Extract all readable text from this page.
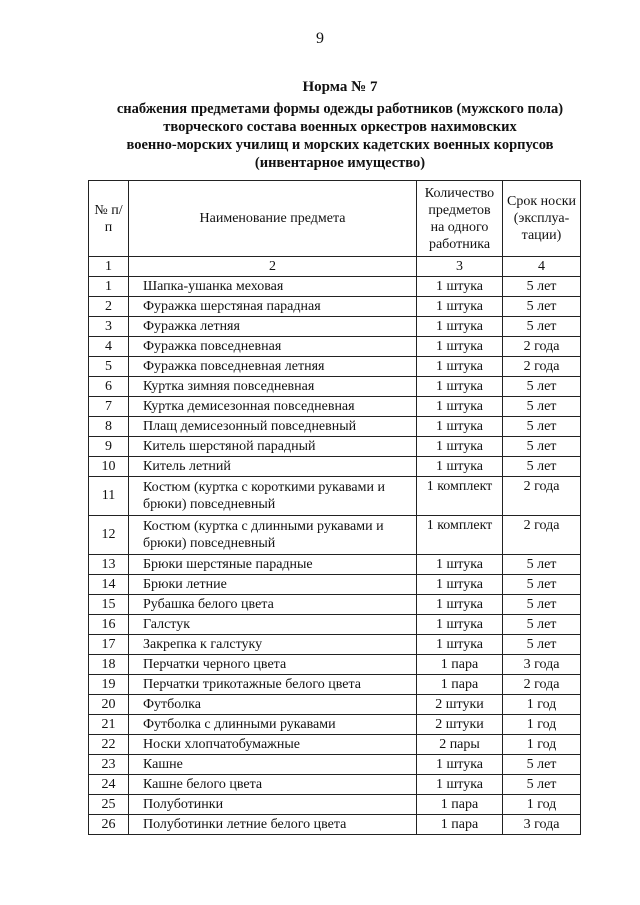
9
Норма № 7
снабжения предметами формы одежды работников (мужского пола)
творческого состава военных оркестров нахимовских
военно-морских училищ и морских кадетских военных корпусов
(инвентарное имущество)
№ п/п	Наименование предмета	Количество предметов на одного работника	Срок носки (эксплуа-тации)
1	2	3	4
1	Шапка-ушанка меховая	1 штука	5 лет
2	Фуражка шерстяная парадная	1 штука	5 лет
3	Фуражка летняя	1 штука	5 лет
4	Фуражка повседневная	1 штука	2 года
5	Фуражка повседневная летняя	1 штука	2 года
6	Куртка зимняя повседневная	1 штука	5 лет
7	Куртка демисезонная повседневная	1 штука	5 лет
8	Плащ демисезонный повседневный	1 штука	5 лет
9	Китель шерстяной парадный	1 штука	5 лет
10	Китель летний	1 штука	5 лет
11	Костюм (куртка с короткими рукавами и брюки) повседневный	1 комплект	2 года
12	Костюм (куртка с длинными рукавами и брюки) повседневный	1 комплект	2 года
13	Брюки шерстяные парадные	1 штука	5 лет
14	Брюки летние	1 штука	5 лет
15	Рубашка белого цвета	1 штука	5 лет
16	Галстук	1 штука	5 лет
17	Закрепка к галстуку	1 штука	5 лет
18	Перчатки черного цвета	1 пара	3 года
19	Перчатки трикотажные белого цвета	1 пара	2 года
20	Футболка	2 штуки	1 год
21	Футболка с длинными рукавами	2 штуки	1 год
22	Носки хлопчатобумажные	2 пары	1 год
23	Кашне	1 штука	5 лет
24	Кашне белого цвета	1 штука	5 лет
25	Полуботинки	1 пара	1 год
26	Полуботинки летние белого цвета	1 пара	3 года
